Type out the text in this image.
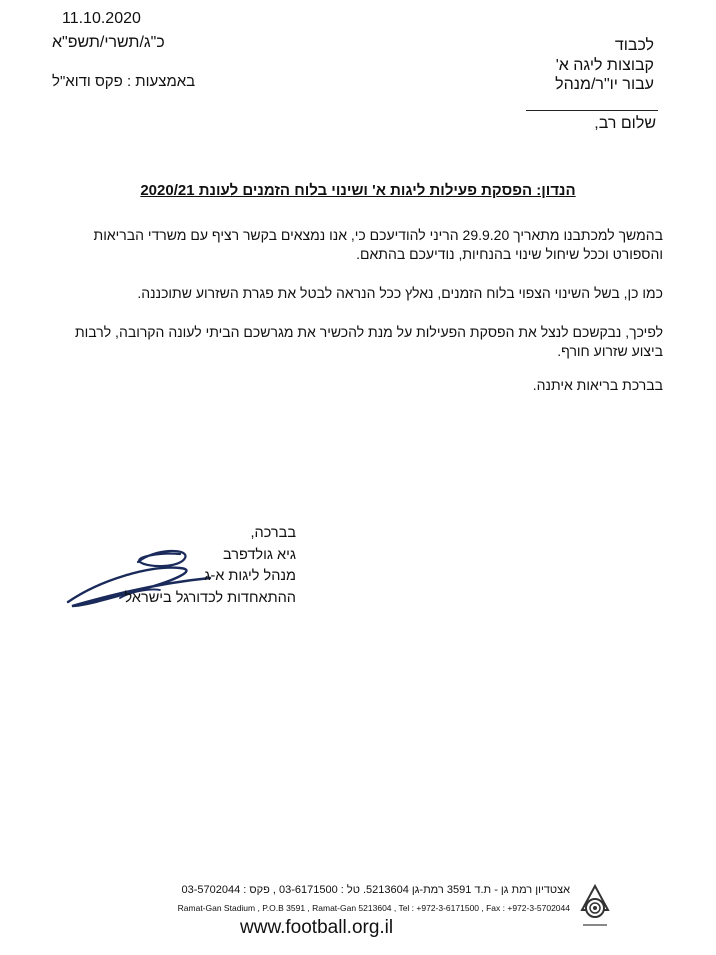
11.10.2020
כ"ג/תשרי/תשפ"א
באמצעות : פקס ודוא"ל
לכבוד
קבוצות ליגה א'
עבור יו"ר/מנהל
שלום רב,
הנדון: הפסקת פעילות ליגות א' ושינוי בלוח הזמנים לעונת 2020/21
בהמשך למכתבנו מתאריך 29.9.20 הריני להודיעכם כי, אנו נמצאים בקשר רציף עם משרדי הבריאות והספורט וככל שיחול שינוי בהנחיות, נודיעכם בהתאם.
כמו כן, בשל השינוי הצפוי בלוח הזמנים, נאלץ ככל הנראה לבטל את פגרת השזרוע שתוכננה.
לפיכך, נבקשכם לנצל את הפסקת הפעילות על מנת להכשיר את מגרשכם הביתי לעונה הקרובה, לרבות ביצוע שזרוע חורף.
בברכת בריאות איתנה.
בברכה,
גיא גולדפרב
מנהל ליגות א-ג
ההתאחדות לכדורגל בישראל
אצטדיון רמת גן - ת.ד 3591 רמת-גן 5213604. טל : 03-6171500 , פקס : 03-5702044
Ramat-Gan Stadium , P.O.B 3591 , Ramat-Gan 5213604 , Tel : +972-3-6171500 , Fax : +972-3-5702044
www.football.org.il
